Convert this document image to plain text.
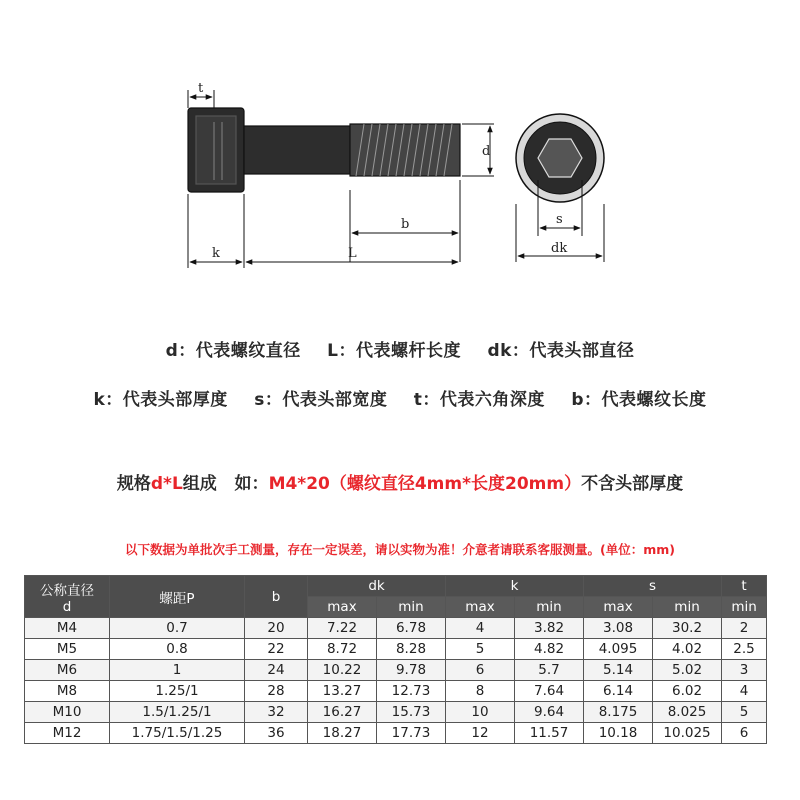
t
d
b
k	L
s
dk
d：代表螺纹直径 L：代表螺杆长度 dk：代表头部直径
k：代表头部厚度 s：代表头部宽度 t：代表六角深度 b：代表螺纹长度
规格d*L组成   如：M4*20（螺纹直径4mm*长度20mm）不含头部厚度
以下数据为单批次手工测量，存在一定误差，请以实物为准！介意者请联系客服测量。(单位：mm)
公称直径
d	螺距P	b	dk		k		s		t
			max	min	max	min	max	min	min
M4	0.7	20	7.22	6.78	4	3.82	3.08	30.2	2
M5	0.8	22	8.72	8.28	5	4.82	4.095	4.02	2.5
M6	1	24	10.22	9.78	6	5.7	5.14	5.02	3
M8	1.25/1	28	13.27	12.73	8	7.64	6.14	6.02	4
M10	1.5/1.25/1	32	16.27	15.73	10	9.64	8.175	8.025	5
M12	1.75/1.5/1.25	36	18.27	17.73	12	11.57	10.18	10.025	6
